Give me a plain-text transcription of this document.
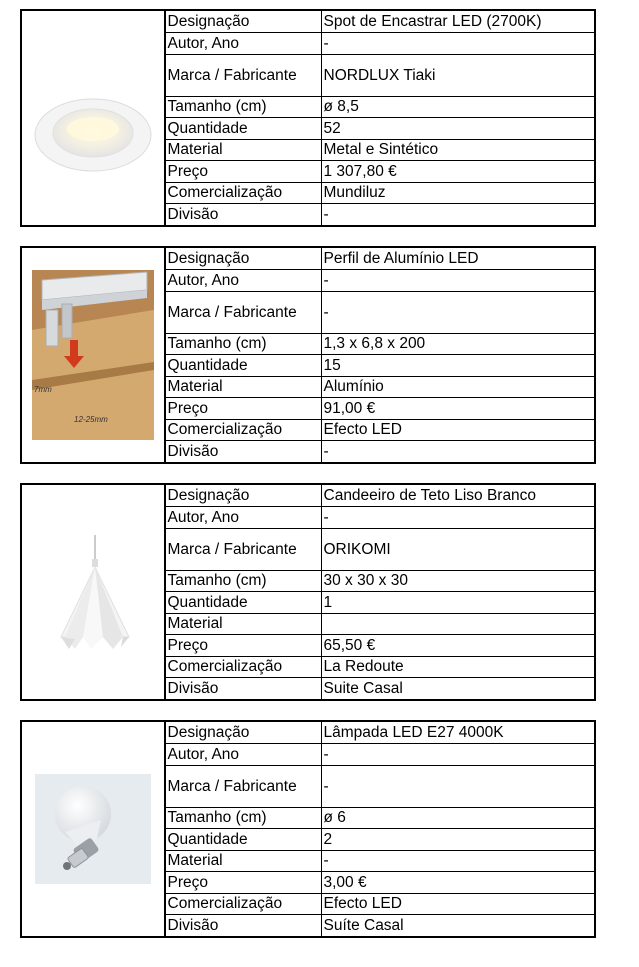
Designação	Spot de Encastrar LED (2700K)
Autor, Ano	-
Marca / Fabricante	NORDLUX Tiaki
Tamanho (cm)	ø 8,5
Quantidade	52
Material	Metal e Sintético
Preço	1 307,80 €
Comercialização	Mundiluz
Divisão	-
7mm
12-25mm
Designação	Perfil de Alumínio LED
Autor, Ano	-
Marca / Fabricante	-
Tamanho (cm)	1,3 x 6,8 x 200
Quantidade	15
Material	Alumínio
Preço	91,00 €
Comercialização	Efecto LED
Divisão	-
Designação	Candeeiro de Teto Liso Branco
Autor, Ano	-
Marca / Fabricante	ORIKOMI
Tamanho (cm)	30 x 30 x 30
Quantidade	1
Material	
Preço	65,50 €
Comercialização	La Redoute
Divisão	Suite Casal
Designação	Lâmpada LED E27 4000K
Autor, Ano	-
Marca / Fabricante	-
Tamanho (cm)	ø 6
Quantidade	2
Material	-
Preço	3,00 €
Comercialização	Efecto LED
Divisão	Suíte Casal
